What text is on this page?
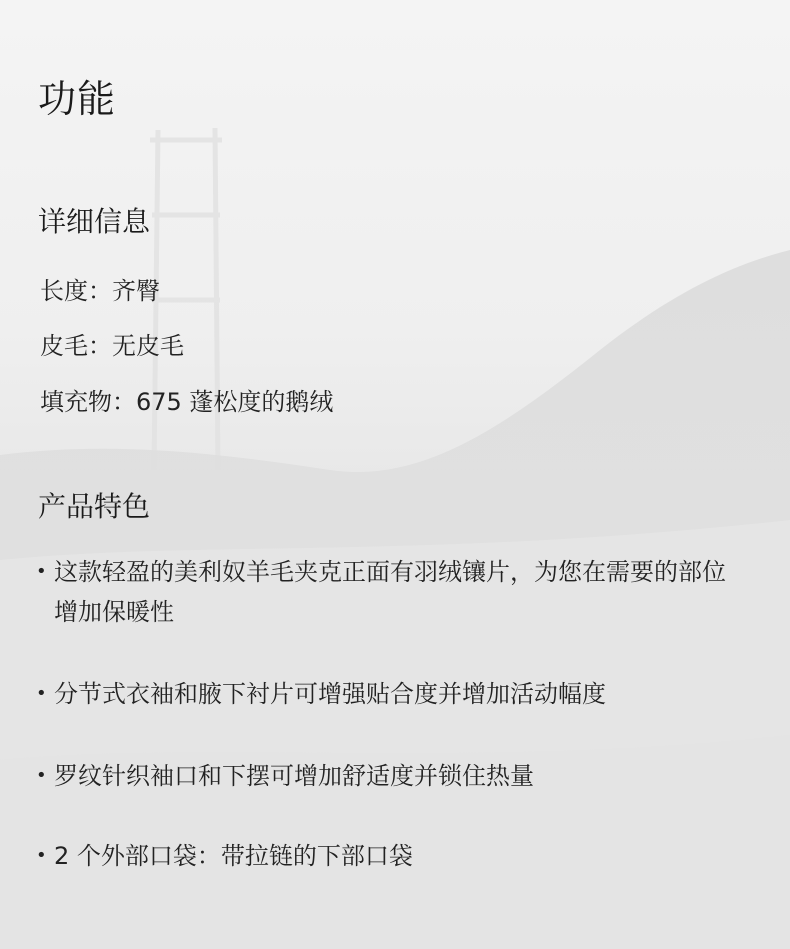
功能
详细信息
长度：齐臀
皮毛：无皮毛
填充物：675 蓬松度的鹅绒
产品特色
• 这款轻盈的美利奴羊毛夹克正面有羽绒镶片，为您在需要的部位增加保暖性
• 分节式衣袖和腋下衬片可增强贴合度并增加活动幅度
• 罗纹针织袖口和下摆可增加舒适度并锁住热量
• 2 个外部口袋：带拉链的下部口袋
